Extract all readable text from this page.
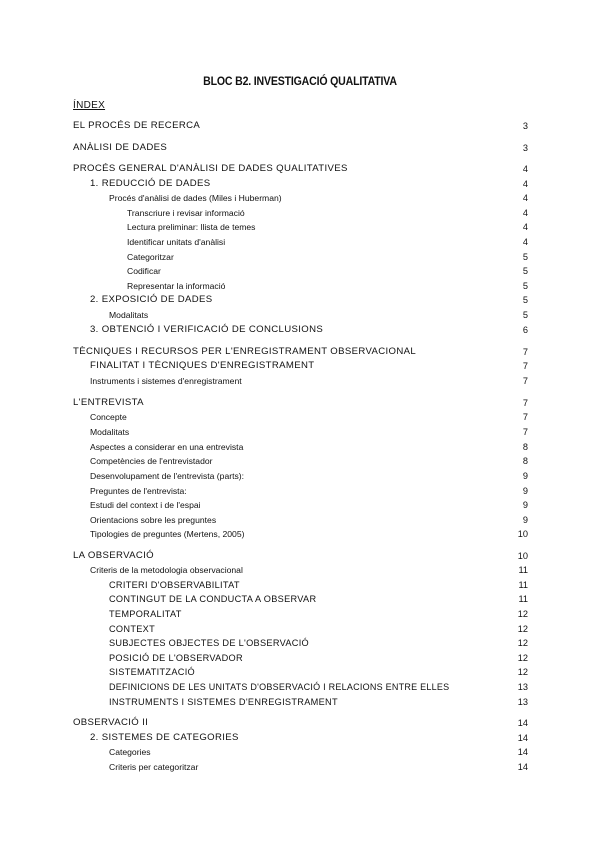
BLOC B2. INVESTIGACIÓ QUALITATIVA
ÍNDEX
EL PROCÉS DE RECERCA	3
ANÀLISI DE DADES	3
PROCÉS GENERAL D'ANÀLISI DE DADES QUALITATIVES	4
1. REDUCCIÓ DE DADES	4
Procés d'anàlisi de dades (Miles i Huberman)	4
Transcriure i revisar informació	4
Lectura preliminar: llista de temes	4
Identificar unitats d'anàlisi	4
Categoritzar	5
Codificar	5
Representar la informació	5
2. EXPOSICIÓ DE DADES	5
Modalitats	5
3. OBTENCIÓ I VERIFICACIÓ DE CONCLUSIONS	6
TÈCNIQUES I RECURSOS PER L'ENREGISTRAMENT OBSERVACIONAL	7
FINALITAT I TÈCNIQUES D'ENREGISTRAMENT	7
Instruments i sistemes d'enregistrament	7
L'ENTREVISTA	7
Concepte	7
Modalitats	7
Aspectes a considerar en una entrevista	8
Competències de l'entrevistador	8
Desenvolupament de l'entrevista (parts):	9
Preguntes de l'entrevista:	9
Estudi del context i de l'espai	9
Orientacions sobre les preguntes	9
Tipologies de preguntes (Mertens, 2005)	10
LA OBSERVACIÓ	10
Criteris de la metodologia observacional	11
CRITERI D'OBSERVABILITAT	11
CONTINGUT DE LA CONDUCTA A OBSERVAR	11
TEMPORALITAT	12
CONTEXT	12
SUBJECTES OBJECTES DE L'OBSERVACIÓ	12
POSICIÓ DE L'OBSERVADOR	12
SISTEMATITZACIÓ	12
DEFINICIONS DE LES UNITATS D'OBSERVACIÓ I RELACIONS ENTRE ELLES	13
INSTRUMENTS I SISTEMES D'ENREGISTRAMENT	13
OBSERVACIÓ II	14
2. SISTEMES DE CATEGORIES	14
Categories	14
Criteris per categoritzar	14
